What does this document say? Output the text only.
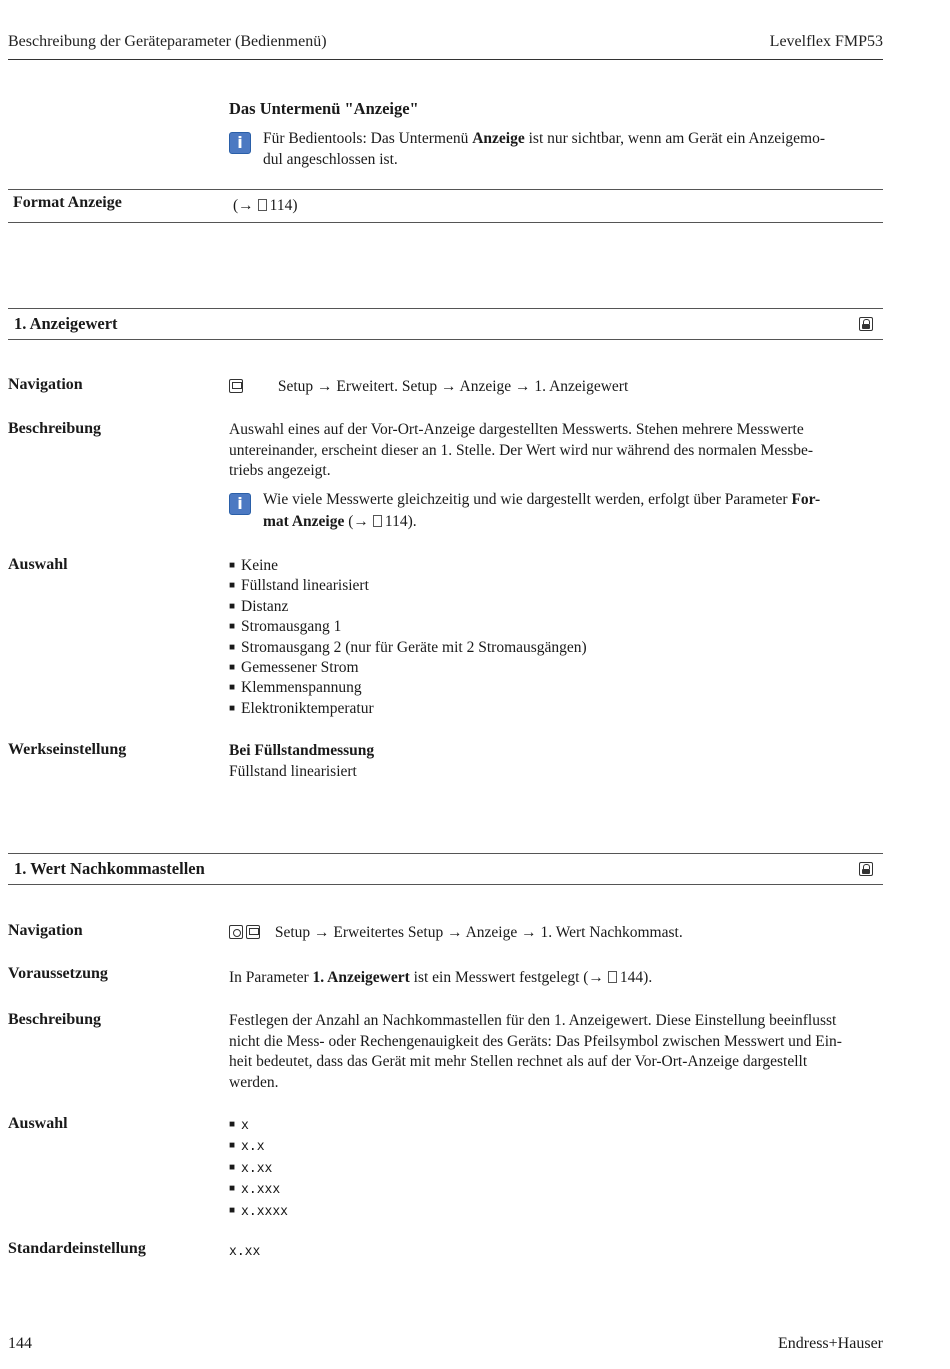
Beschreibung der Geräteparameter (Bedienmenü)	Levelflex FMP53
Das Untermenü "Anzeige"
i	Für Bedientools: Das Untermenü Anzeige ist nur sichtbar, wenn am Gerät ein Anzeigemo-
dul angeschlossen ist.
Format Anzeige	(→ 114)
1. Anzeigewert
Navigation	Setup → Erweitert. Setup → Anzeige → 1. Anzeigewert
Beschreibung	Auswahl eines auf der Vor-Ort-Anzeige dargestellten Messwerts. Stehen mehrere Messwerte
untereinander, erscheint dieser an 1. Stelle. Der Wert wird nur während des normalen Messbe-
triebs angezeigt.
i	Wie viele Messwerte gleichzeitig und wie dargestellt werden, erfolgt über Parameter For-
mat Anzeige (→ 114).
Auswahl	■ Keine
■ Füllstand linearisiert
■ Distanz
■ Stromausgang 1
■ Stromausgang 2 (nur für Geräte mit 2 Stromausgängen)
■ Gemessener Strom
■ Klemmenspannung
■ Elektroniktemperatur
Werkseinstellung	Bei Füllstandmessung
Füllstand linearisiert
1. Wert Nachkommastellen
Navigation	Setup → Erweitertes Setup → Anzeige → 1. Wert Nachkommast.
Voraussetzung	In Parameter 1. Anzeigewert ist ein Messwert festgelegt (→ 144).
Beschreibung	Festlegen der Anzahl an Nachkommastellen für den 1. Anzeigewert. Diese Einstellung beeinflusst
nicht die Mess- oder Rechengenauigkeit des Geräts: Das Pfeilsymbol zwischen Messwert und Ein-
heit bedeutet, dass das Gerät mit mehr Stellen rechnet als auf der Vor-Ort-Anzeige dargestellt
werden.
Auswahl	■ x
■ x.x
■ x.xx
■ x.xxx
■ x.xxxx
Standardeinstellung	x.xx
144	Endress+Hauser
